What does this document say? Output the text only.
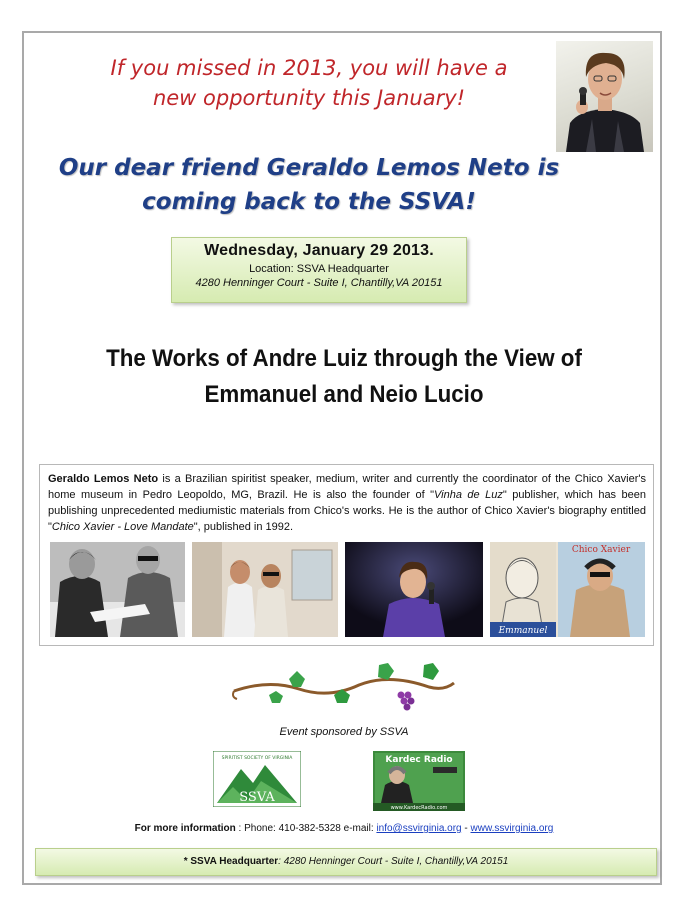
If you missed in 2013, you will have a
new opportunity this January!
Our dear friend Geraldo Lemos Neto is
coming back to the SSVA!
Wednesday, January 29 2013.
Location: SSVA Headquarter
4280 Henninger Court - Suite I, Chantilly,VA 20151
The Works of Andre Luiz through the View of
Emmanuel and Neio Lucio
Geraldo Lemos Neto is a Brazilian spiritist speaker, medium, writer and currently the coordinator of the Chico Xavier's home museum in Pedro Leopoldo, MG, Brazil. He is also the founder of "Vinha de Luz" publisher, which has been publishing unprecedented mediumistic materials from Chico's works. He is the author of Chico Xavier's biography entitled "Chico Xavier - Love Mandate", published in 1992.
Emmanuel
Chico Xavier
Event sponsored by SSVA
SPIRITIST SOCIETY OF VIRGINIA
SSVA
Kardec Radio
www.KardecRadio.com
For more information : Phone: 410-382-5328 e-mail: info@ssvirginia.org - www.ssvirginia.org
* SSVA Headquarter: 4280 Henninger Court - Suite I, Chantilly,VA 20151
